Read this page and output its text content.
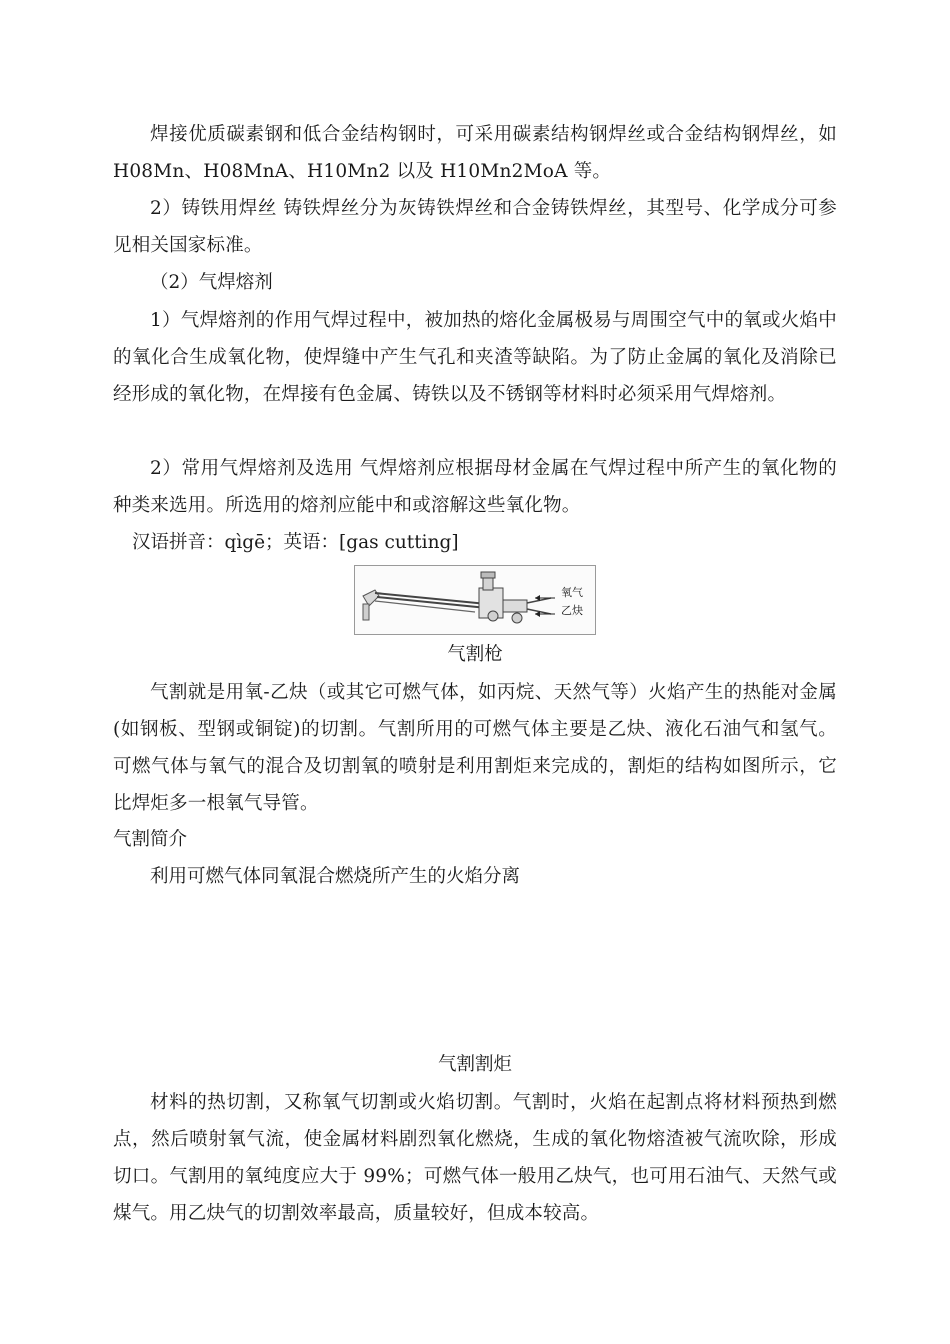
焊接优质碳素钢和低合金结构钢时，可采用碳素结构钢焊丝或合金结构钢焊丝，如 H08Mn、H08MnA、H10Mn2 以及 H10Mn2MoA 等。

2）铸铁用焊丝 铸铁焊丝分为灰铸铁焊丝和合金铸铁焊丝，其型号、化学成分可参见相关国家标准。

（2）气焊熔剂

1）气焊熔剂的作用气焊过程中，被加热的熔化金属极易与周围空气中的氧或火焰中的氧化合生成氧化物，使焊缝中产生气孔和夹渣等缺陷。为了防止金属的氧化及消除已经形成的氧化物，在焊接有色金属、铸铁以及不锈钢等材料时必须采用气焊熔剂。

2）常用气焊熔剂及选用 气焊熔剂应根据母材金属在气焊过程中所产生的氧化物的种类来选用。所选用的熔剂应能中和或溶解这些氧化物。

汉语拼音：qìgē；英语：[gas cutting]

氧气
乙炔

气割枪

气割就是用氧-乙炔（或其它可燃气体，如丙烷、天然气等）火焰产生的热能对金属(如钢板、型钢或铜锭)的切割。气割所用的可燃气体主要是乙炔、液化石油气和氢气。可燃气体与氧气的混合及切割氧的喷射是利用割炬来完成的，割炬的结构如图所示，它比焊炬多一根氧气导管。

气割简介

利用可燃气体同氧混合燃烧所产生的火焰分离

气割割炬

材料的热切割，又称氧气切割或火焰切割。气割时，火焰在起割点将材料预热到燃点，然后喷射氧气流，使金属材料剧烈氧化燃烧，生成的氧化物熔渣被气流吹除，形成切口。气割用的氧纯度应大于 99%；可燃气体一般用乙炔气，也可用石油气、天然气或煤气。用乙炔气的切割效率最高，质量较好，但成本较高。
